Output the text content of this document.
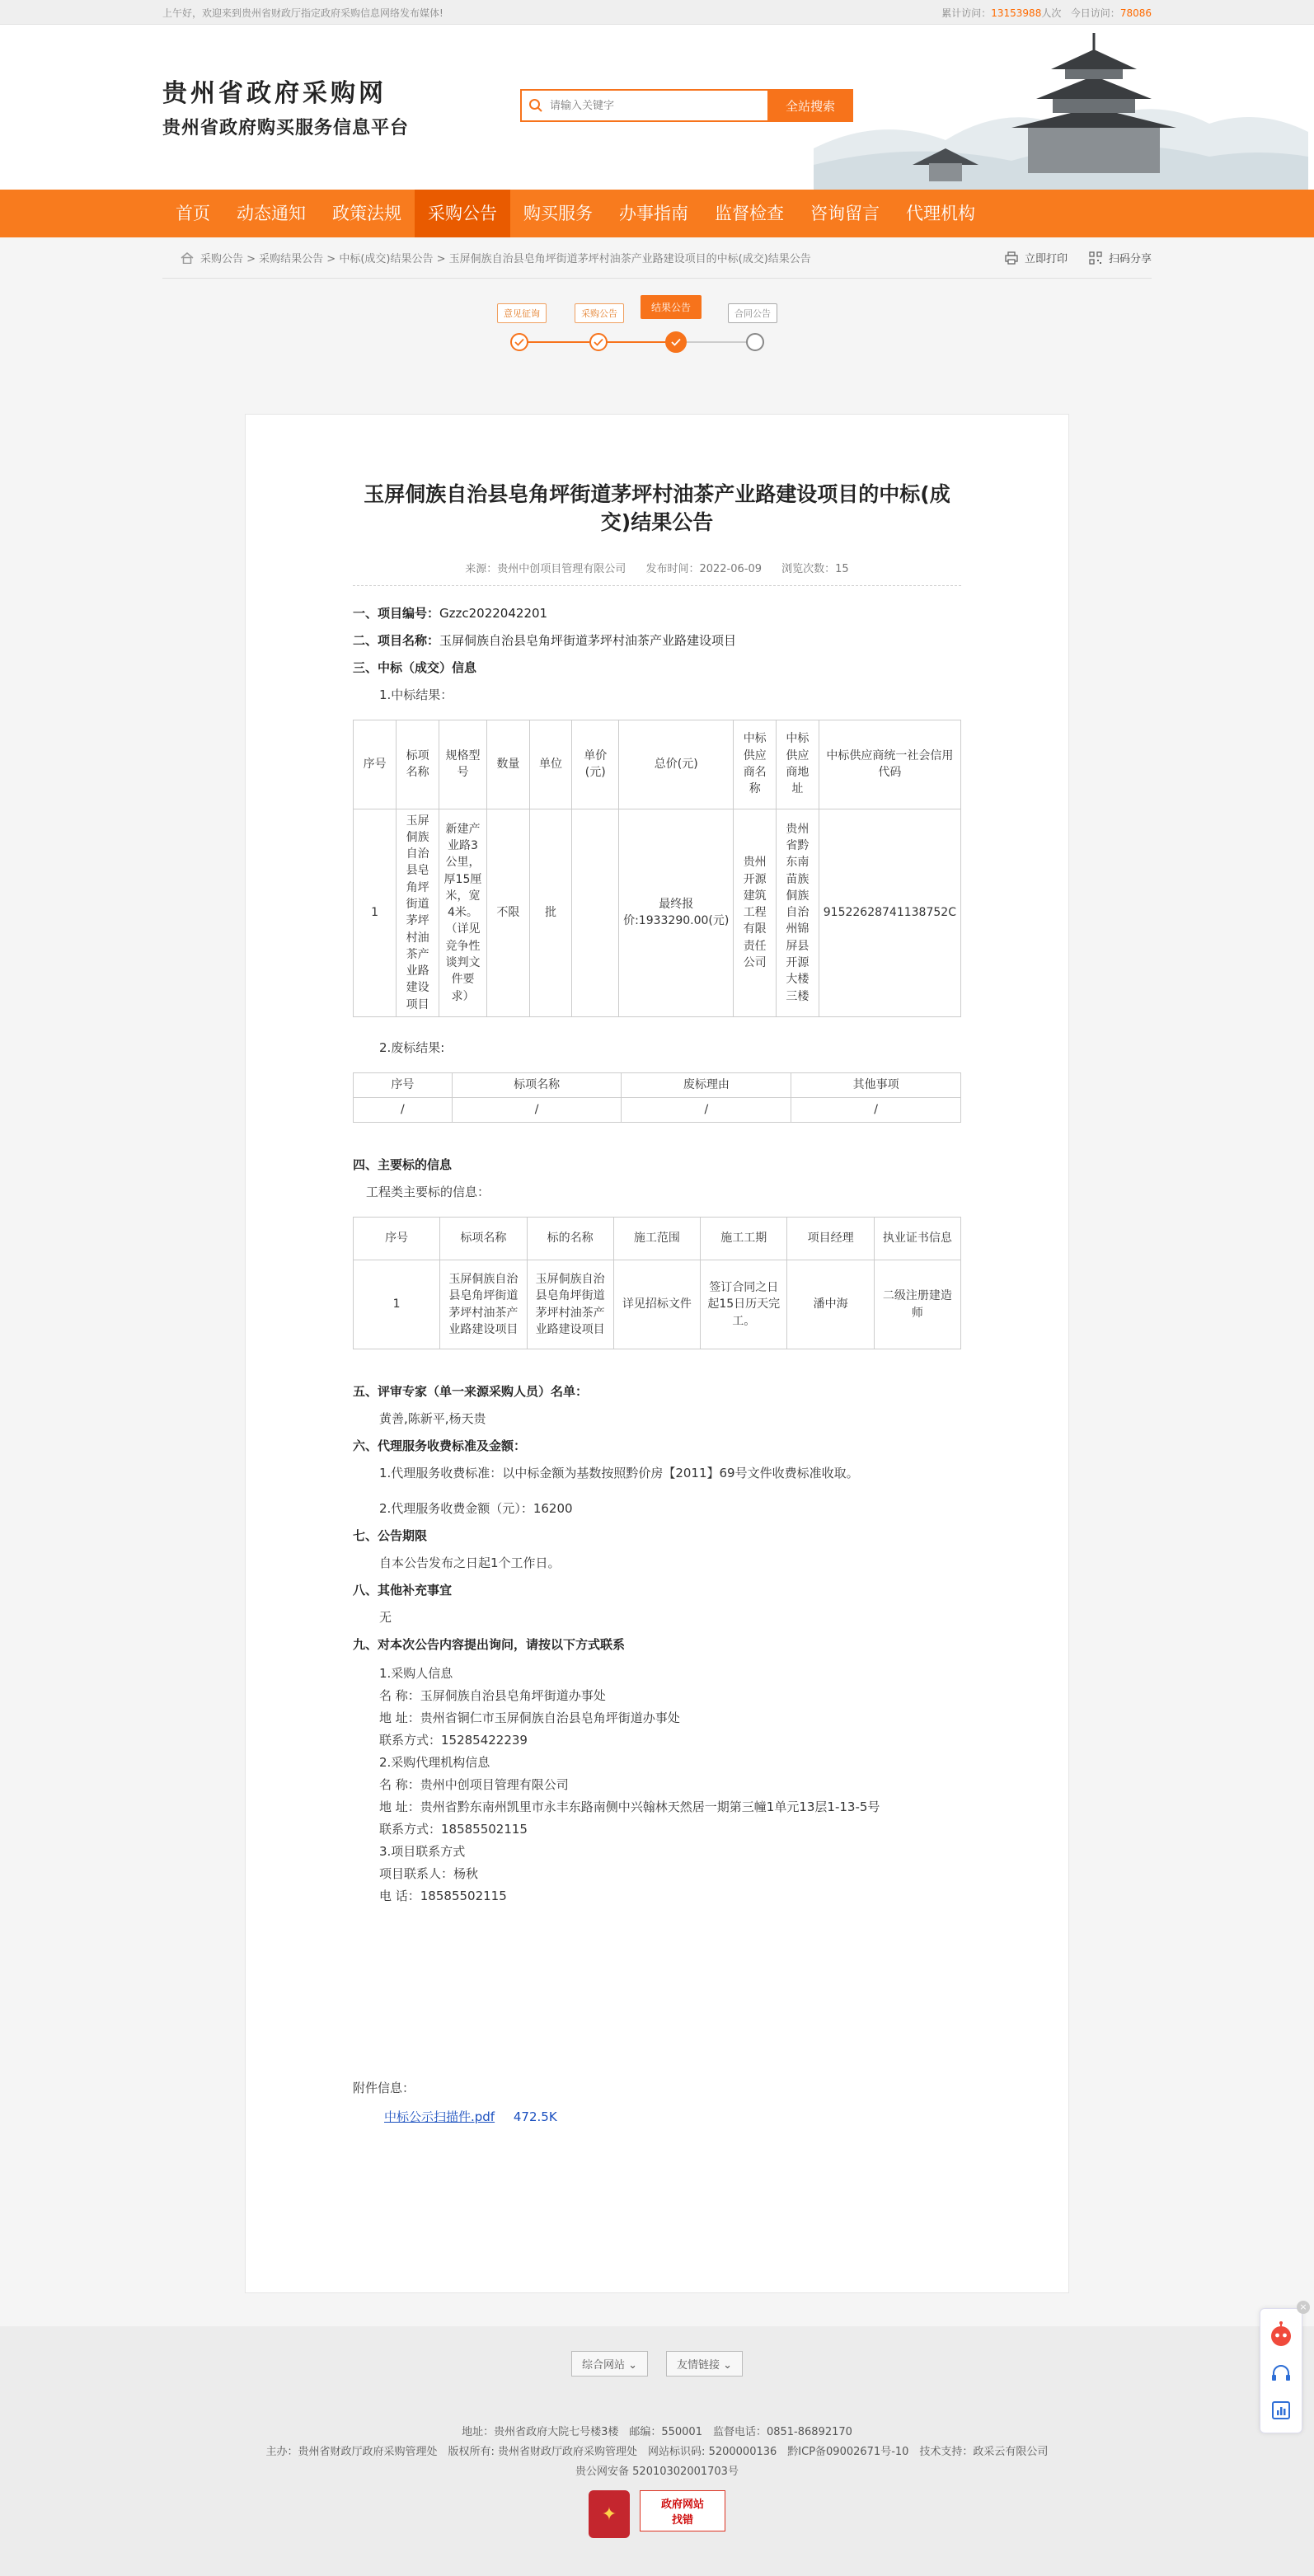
上午好，欢迎来到贵州省财政厅指定政府采购信息网络发布媒体!	累计访问：13153988人次 今日访问：78086
贵州省政府采购网
贵州省政府购买服务信息平台
请输入关键字
全站搜索
首页	动态通知	政策法规	采购公告	购买服务	办事指南	监督检查	咨询留言	代理机构
采购公告 > 采购结果公告 > 中标(成交)结果公告 > 玉屏侗族自治县皂角坪街道茅坪村油茶产业路建设项目的中标(成交)结果公告	立即打印	扫码分享
意见征询	采购公告
结果公告
合同公告
玉屏侗族自治县皂角坪街道茅坪村油茶产业路建设项目的中标(成交)结果公告
来源：贵州中创项目管理有限公司 发布时间：2022-06-09 浏览次数：15
一、项目编号：Gzzc2022042201
二、项目名称：玉屏侗族自治县皂角坪街道茅坪村油茶产业路建设项目
三、中标（成交）信息
1.中标结果：
序号	标项名称	规格型号	数量	单位	单价(元)	总价(元)	中标供应商名称	中标供应商地址	中标供应商统一社会信用代码
1	玉屏侗族自治县皂角坪街道茅坪村油茶产业路建设项目	新建产业路3公里，厚15厘米，宽4米。（详见竞争性谈判文件要求）	不限	批		最终报价:1933290.00(元)	贵州开源建筑工程有限责任公司	贵州省黔东南苗族侗族自治州锦屏县开源大楼三楼	91522628741138752C
2.废标结果:
序号	标项名称	废标理由	其他事项
/	/	/	/
四、主要标的信息
工程类主要标的信息：
序号	标项名称	标的名称	施工范围	施工工期	项目经理	执业证书信息
1	玉屏侗族自治县皂角坪街道茅坪村油茶产业路建设项目	玉屏侗族自治县皂角坪街道茅坪村油茶产业路建设项目	详见招标文件	签订合同之日起15日历天完工。	潘中海	二级注册建造师
五、评审专家（单一来源采购人员）名单：
黄善,陈新平,杨天贵
六、代理服务收费标准及金额：
1.代理服务收费标准：以中标金额为基数按照黔价房【2011】69号文件收费标准收取。
2.代理服务收费金额（元）：16200
七、公告期限
自本公告发布之日起1个工作日。
八、其他补充事宜
无
九、对本次公告内容提出询问，请按以下方式联系
1.采购人信息
名 称：玉屏侗族自治县皂角坪街道办事处
地 址：贵州省铜仁市玉屏侗族自治县皂角坪街道办事处
联系方式：15285422239
2.采购代理机构信息
名 称：贵州中创项目管理有限公司
地 址：贵州省黔东南州凯里市永丰东路南侧中兴翰林天然居一期第三幢1单元13层1-13-5号
联系方式：18585502115
3.项目联系方式
项目联系人：杨秋
电 话：18585502115
附件信息：
中标公示扫描件.pdf 472.5K
综合网站 ⌄	友情链接 ⌄

地址：贵州省政府大院七号楼3楼　邮编：550001　监督电话：0851-86892170

主办：贵州省财政厅政府采购管理处　版权所有: 贵州省财政厅政府采购管理处　网站标识码: 5200000136　黔ICP备09002671号-10　技术支持：政采云有限公司

贵公网安备 52010302001703号

✦	政府网站
找错
×
